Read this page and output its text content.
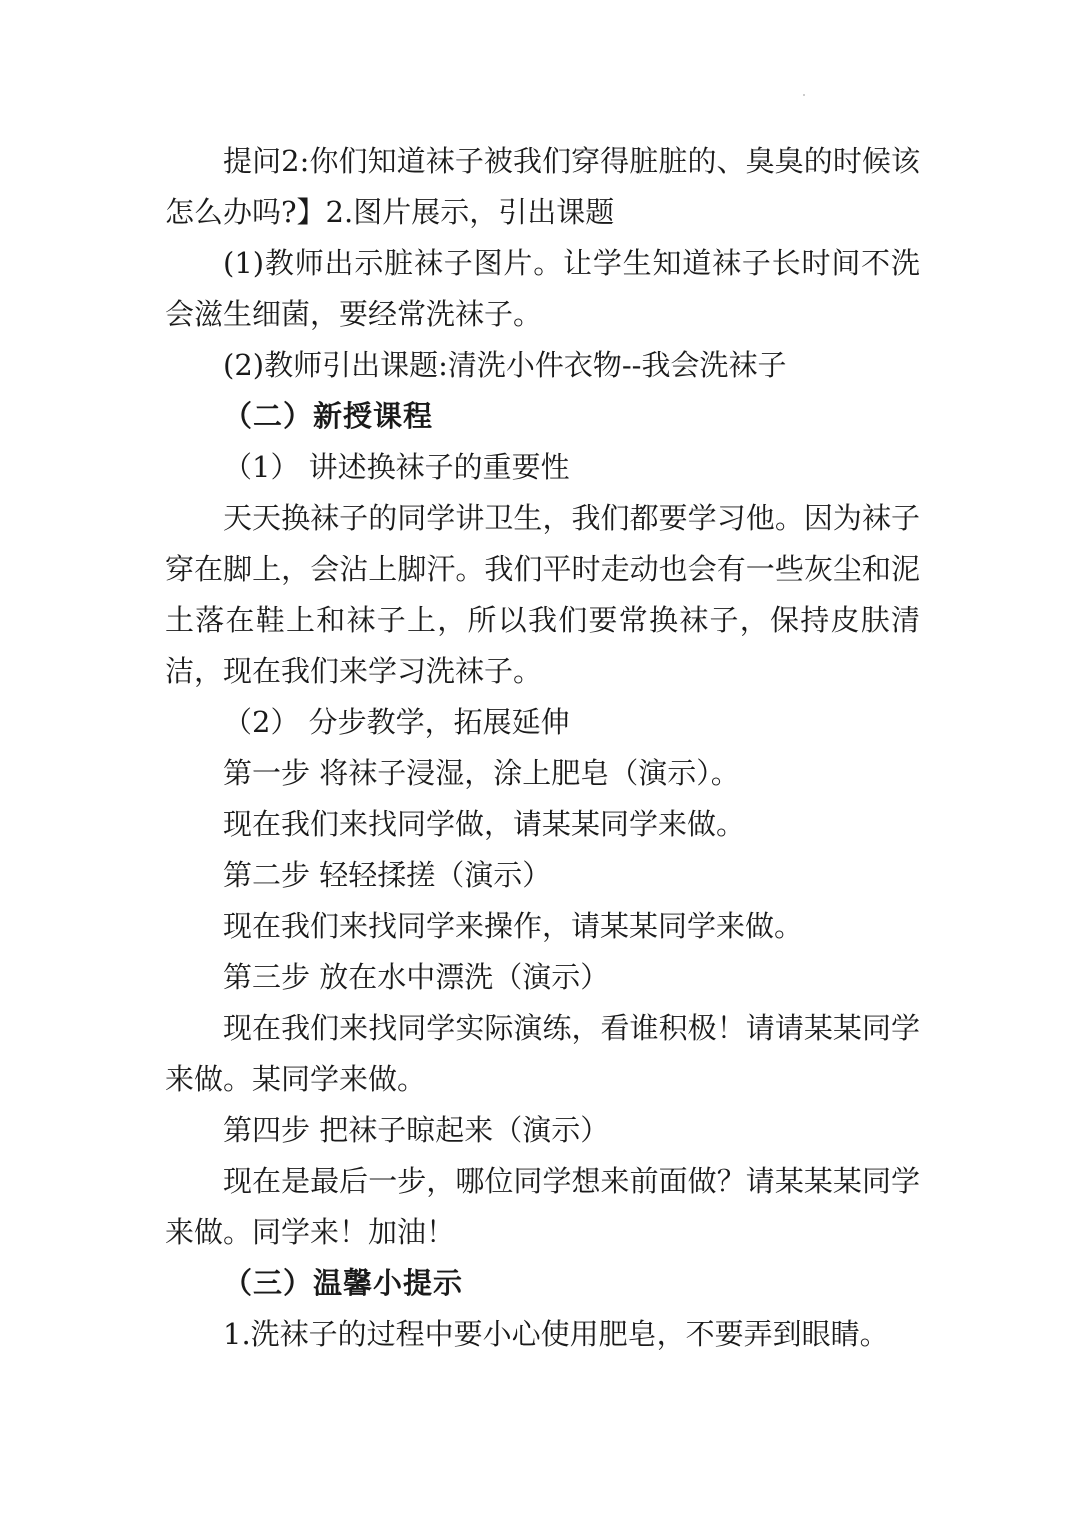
提问2:你们知道袜子被我们穿得脏脏的、臭臭的时候该怎么办吗?】2.图片展示，引出课题

(1)教师出示脏袜子图片。让学生知道袜子长时间不洗会滋生细菌，要经常洗袜子。

(2)教师引出课题:清洗小件衣物--我会洗袜子

（二）新授课程

（1） 讲述换袜子的重要性

天天换袜子的同学讲卫生，我们都要学习他。因为袜子穿在脚上，会沾上脚汗。我们平时走动也会有一些灰尘和泥土落在鞋上和袜子上，所以我们要常换袜子，保持皮肤清洁，现在我们来学习洗袜子。

（2） 分步教学，拓展延伸

第一步 将袜子浸湿，涂上肥皂（演示）。

现在我们来找同学做，请某某同学来做。

第二步 轻轻揉搓（演示）

现在我们来找同学来操作，请某某同学来做。

第三步 放在水中漂洗（演示）

现在我们来找同学实际演练，看谁积极！请请某某同学来做。某同学来做。

第四步 把袜子晾起来（演示）

现在是最后一步，哪位同学想来前面做？请某某某同学来做。同学来！加油！

（三）温馨小提示

1.洗袜子的过程中要小心使用肥皂，不要弄到眼睛。
